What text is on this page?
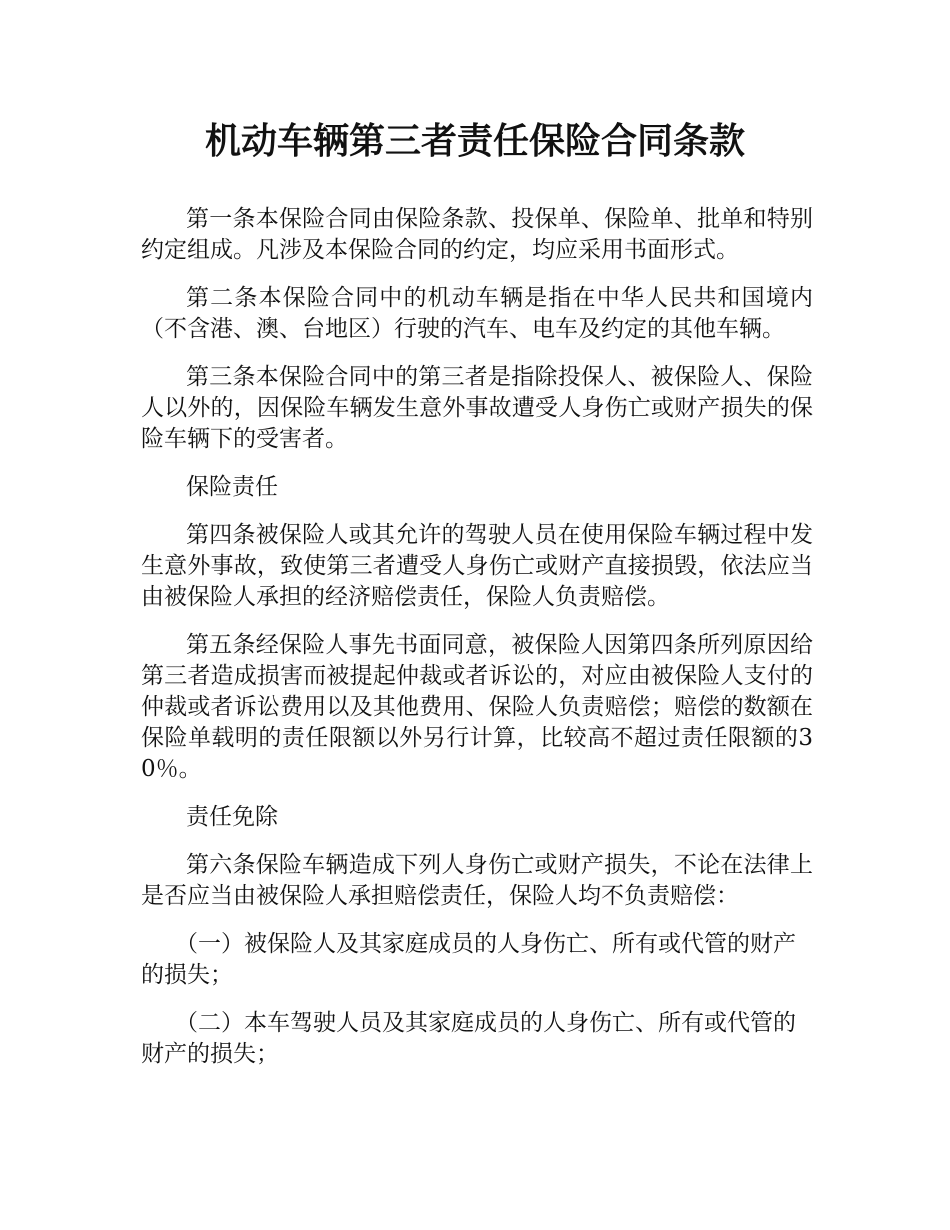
机动车辆第三者责任保险合同条款

第一条本保险合同由保险条款、投保单、保险单、批单和特别约定组成。凡涉及本保险合同的约定，均应采用书面形式。

第二条本保险合同中的机动车辆是指在中华人民共和国境内（不含港、澳、台地区）行驶的汽车、电车及约定的其他车辆。

第三条本保险合同中的第三者是指除投保人、被保险人、保险人以外的，因保险车辆发生意外事故遭受人身伤亡或财产损失的保险车辆下的受害者。

保险责任

第四条被保险人或其允许的驾驶人员在使用保险车辆过程中发生意外事故，致使第三者遭受人身伤亡或财产直接损毁，依法应当由被保险人承担的经济赔偿责任，保险人负责赔偿。

第五条经保险人事先书面同意，被保险人因第四条所列原因给第三者造成损害而被提起仲裁或者诉讼的，对应由被保险人支付的仲裁或者诉讼费用以及其他费用、保险人负责赔偿；赔偿的数额在保险单载明的责任限额以外另行计算，比较高不超过责任限额的30％。

责任免除

第六条保险车辆造成下列人身伤亡或财产损失，不论在法律上是否应当由被保险人承担赔偿责任，保险人均不负责赔偿：

（一）被保险人及其家庭成员的人身伤亡、所有或代管的财产的损失；

（二）本车驾驶人员及其家庭成员的人身伤亡、所有或代管的财产的损失；
